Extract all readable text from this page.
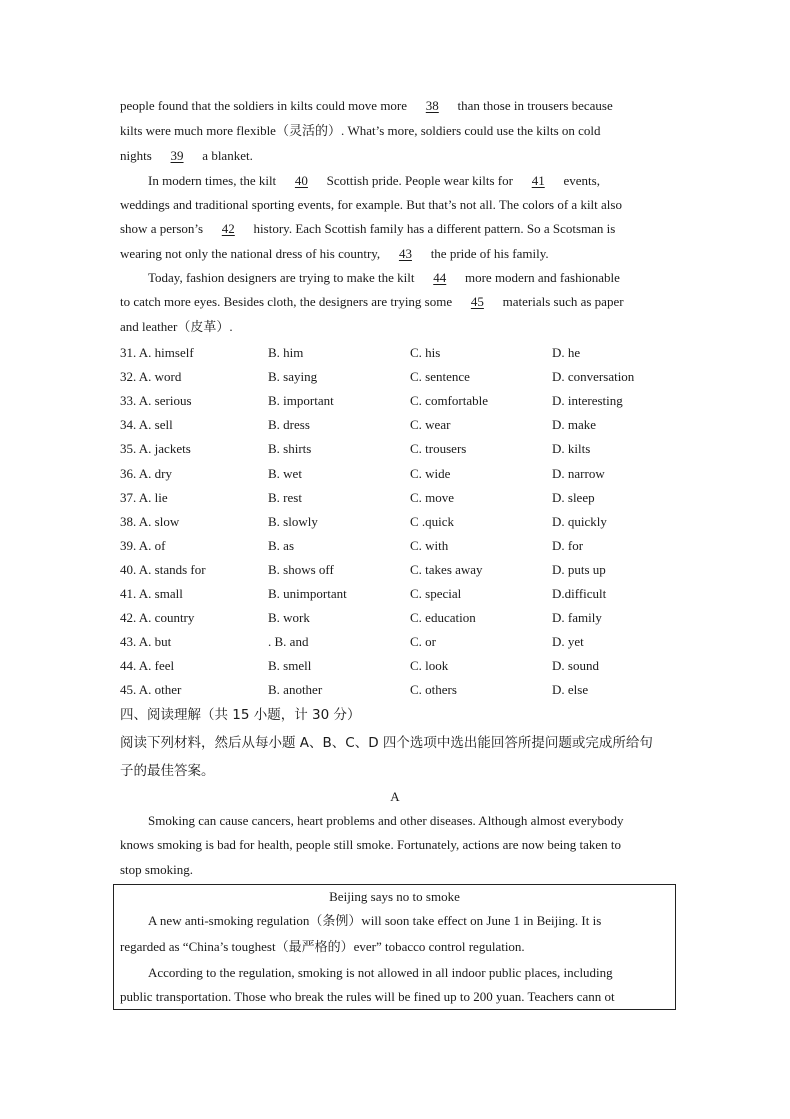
people found that the soldiers in kilts could move more 38 than those in trousers because
kilts were much more flexible（灵活的）. What’s more, soldiers could use the kilts on cold
nights 39 a blanket.
In modern times, the kilt 40 Scottish pride. People wear kilts for 41 events,
weddings and traditional sporting events, for example. But that’s not all. The colors of a kilt also
show a person’s 42 history. Each Scottish family has a different pattern. So a Scotsman is
wearing not only the national dress of his country, 43 the pride of his family.
Today, fashion designers are trying to make the kilt 44 more modern and fashionable
to catch more eyes. Besides cloth, the designers are trying some 45 materials such as paper
and leather（皮革）.
31. A. himself	B. him	C. his	D. he
32. A. word	B. saying	C. sentence	D. conversation
33. A. serious	B. important	C. comfortable	D. interesting
34. A. sell	B. dress	C. wear	D. make
35. A. jackets	B. shirts	C. trousers	D. kilts
36. A. dry	B. wet	C. wide	D. narrow
37. A. lie	B. rest	C. move	D. sleep
38. A. slow	B. slowly	C .quick	D. quickly
39. A. of	B. as	C. with	D. for
40. A. stands for	B. shows off	C. takes away	D. puts up
41. A. small	B. unimportant	C. special	D.difficult
42. A. country	B. work	C. education	D. family
43. A. but	. B. and	C. or	D. yet
44. A. feel	B. smell	C. look	D. sound
45. A. other	B. another	C. others	D. else
四、阅读理解（共 15 小题，计 30 分）
阅读下列材料，然后从每小题 A、B、C、D 四个选项中选出能回答所提问题或完成所给句
子的最佳答案。
A
Smoking can cause cancers, heart problems and other diseases. Although almost everybody
knows smoking is bad for health, people still smoke. Fortunately, actions are now being taken to
stop smoking.
Beijing says no to smoke
A new anti-smoking regulation（条例）will soon take effect on June 1 in Beijing. It is
regarded as “China’s toughest（最严格的）ever” tobacco control regulation.
According to the regulation, smoking is not allowed in all indoor public places, including
public transportation. Those who break the rules will be fined up to 200 yuan. Teachers cann ot
